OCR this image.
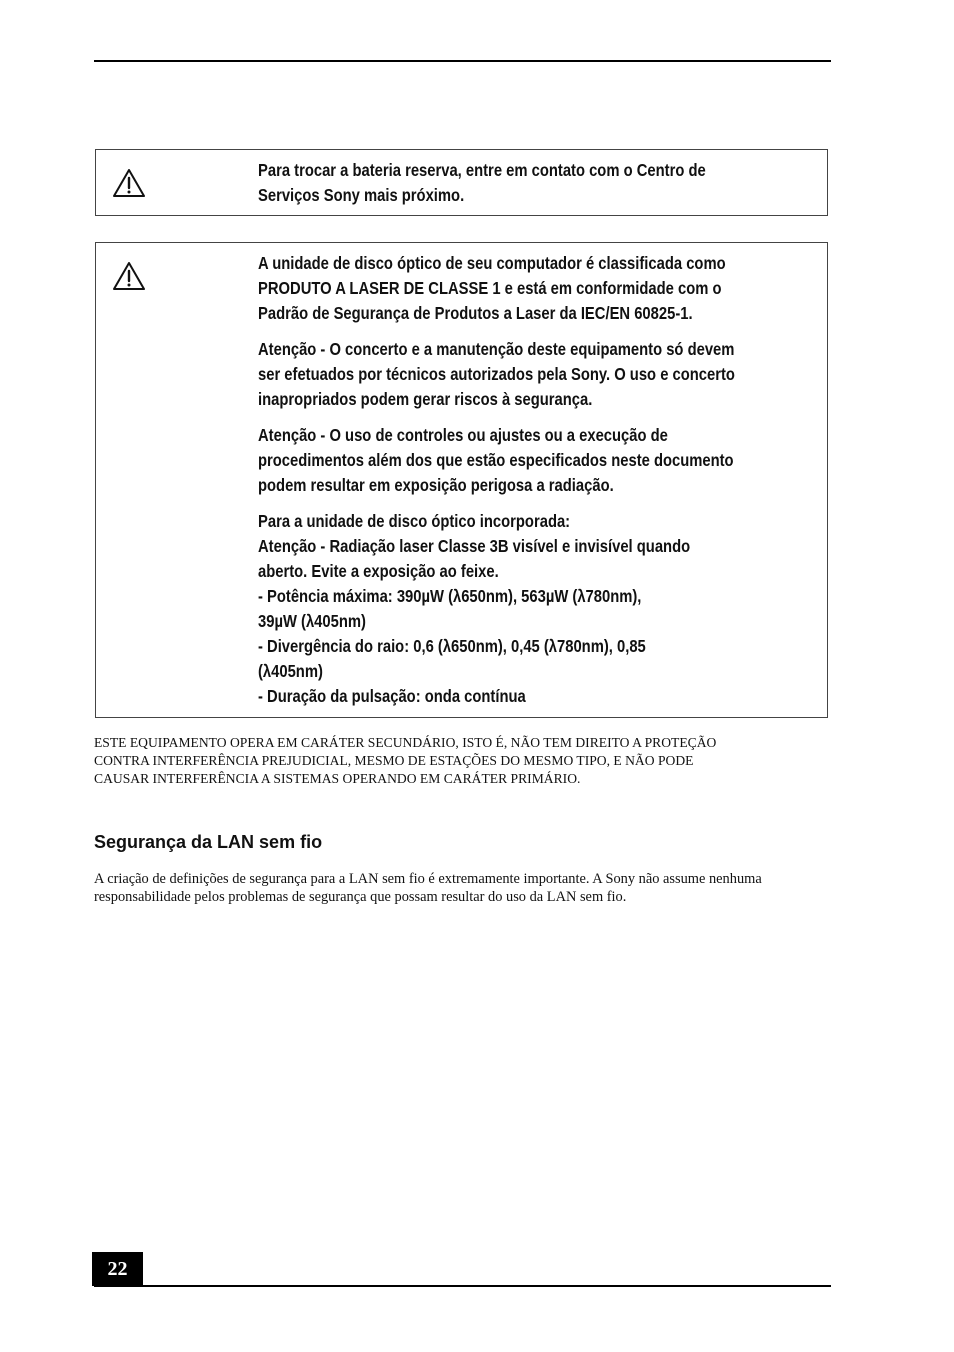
Para trocar a bateria reserva, entre em contato com o Centro de
Serviços Sony mais próximo.

A unidade de disco óptico de seu computador é classificada como
PRODUTO A LASER DE CLASSE 1 e está em conformidade com o
Padrão de Segurança de Produtos a Laser da IEC/EN 60825-1.

Atenção - O concerto e a manutenção deste equipamento só devem
ser efetuados por técnicos autorizados pela Sony. O uso e concerto
inapropriados podem gerar riscos à segurança.

Atenção - O uso de controles ou ajustes ou a execução de
procedimentos além dos que estão especificados neste documento
podem resultar em exposição perigosa a radiação.

Para a unidade de disco óptico incorporada:
Atenção - Radiação laser Classe 3B visível e invisível quando
aberto. Evite a exposição ao feixe.
- Potência máxima: 390µW (λ650nm), 563µW (λ780nm),
39µW (λ405nm)
- Divergência do raio: 0,6 (λ650nm), 0,45 (λ780nm), 0,85
(λ405nm)
- Duração da pulsação: onda contínua

ESTE EQUIPAMENTO OPERA EM CARÁTER SECUNDÁRIO, ISTO É, NÃO TEM DIREITO A PROTEÇÃO
CONTRA INTERFERÊNCIA PREJUDICIAL, MESMO DE ESTAÇÕES DO MESMO TIPO, E NÃO PODE
CAUSAR INTERFERÊNCIA A SISTEMAS OPERANDO EM CARÁTER PRIMÁRIO.
Segurança da LAN sem fio
A criação de definições de segurança para a LAN sem fio é extremamente importante. A Sony não assume nenhuma
responsabilidade pelos problemas de segurança que possam resultar do uso da LAN sem fio.
22
